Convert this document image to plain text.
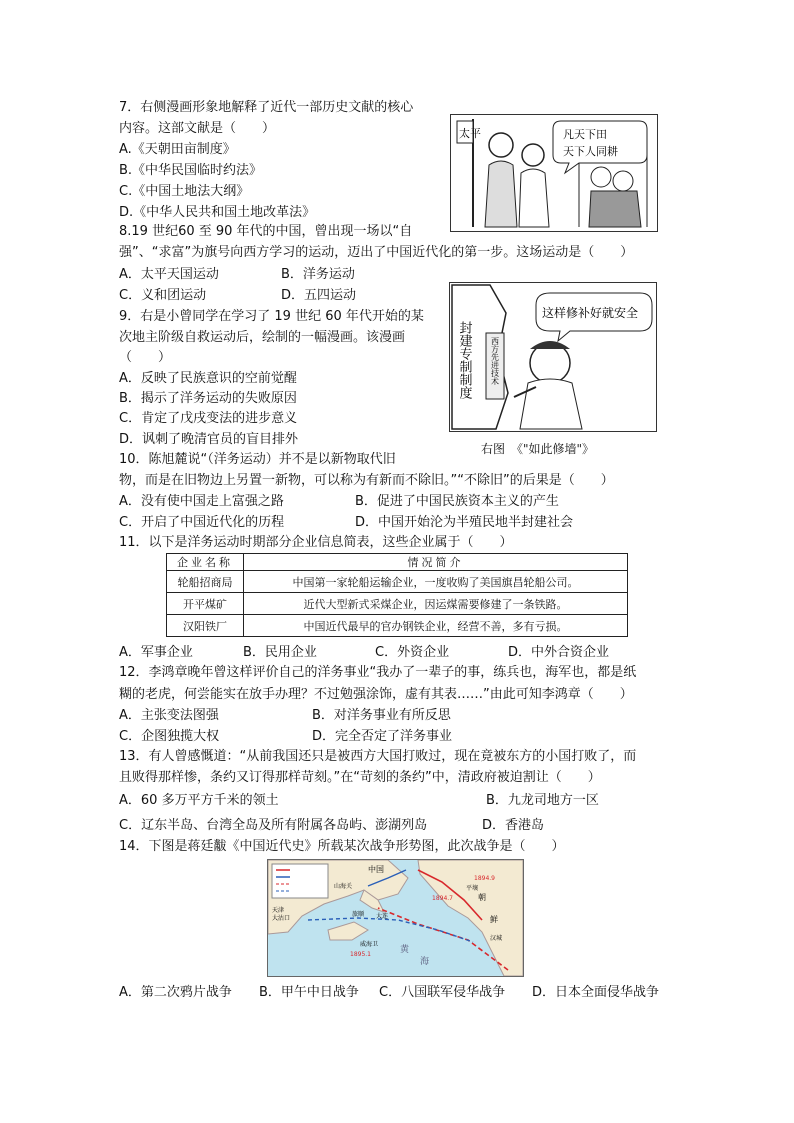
7．右侧漫画形象地解释了近代一部历史文献的核心
内容。这部文献是（　　）
A.《天朝田亩制度》
B.《中华民国临时约法》
C.《中国土地法大纲》
D.《中华人民共和国土地改革法》
太平	凡天下田
天下人同耕
8.19 世纪60 至 90 年代的中国，曾出现一场以“自
强”、“求富”为旗号向西方学习的运动，迈出了中国近代化的第一步。这场运动是（　　）
A．太平天国运动	B．洋务运动
C．义和团运动	D．五四运动
9．右是小曾同学在学习了 19 世纪 60 年代开始的某
次地主阶级自救运动后，绘制的一幅漫画。该漫画
（　　）
A．反映了民族意识的空前觉醒
B．揭示了洋务运动的失败原因
C．肯定了戊戌变法的进步意义
D．讽刺了晚清官员的盲目排外
封建专制制度 西方先进技术
这样修补好就安全
右图　《"如此修墙"》
10．陈旭麓说“（洋务运动）并不是以新物取代旧
物，而是在旧物边上另置一新物，可以称为有新而不除旧。”“不除旧”的后果是（　　）
A．没有使中国走上富强之路	B．促进了中国民族资本主义的产生
C．开启了中国近代化的历程	D．中国开始沦为半殖民地半封建社会
11．以下是洋务运动时期部分企业信息简表，这些企业属于（　　）
企业名称	情况简介
轮船招商局	中国第一家轮船运输企业，一度收购了美国旗昌轮船公司。
开平煤矿	近代大型新式采煤企业，因运煤需要修建了一条铁路。
汉阳铁厂	中国近代最早的官办钢铁企业，经营不善，多有亏损。
A．军事企业	B．民用企业	C．外资企业	D．中外合资企业
12．李鸿章晚年曾这样评价自己的洋务事业“我办了一辈子的事，练兵也，海军也，都是纸
糊的老虎，何尝能实在放手办理？不过勉强涂饰，虚有其表……”由此可知李鸿章（　　）
A．主张变法图强	B．对洋务事业有所反思
C．企图独揽大权	D．完全否定了洋务事业
13．有人曾感慨道：“从前我国还只是被西方大国打败过，现在竟被东方的小国打败了，而
且败得那样惨，条约又订得那样苛刻。”在“苛刻的条约”中，清政府被迫割让（　　）
A．60 多万平方千米的领土	B．九龙司地方一区
C．辽东半岛、台湾全岛及所有附属各岛屿、澎湖列岛	D．香港岛
14．下图是蒋廷黻《中国近代史》所载某次战争形势图，此次战争是（　　）
中国
朝
鲜
天津
大沽口
山海关
旅顺 大连
威海卫
平壤
汉城
黄
海
1894.7
1894.9
1895.1
A．第二次鸦片战争 B．甲午中日战争 C．八国联军侵华战争 D．日本全面侵华战争
